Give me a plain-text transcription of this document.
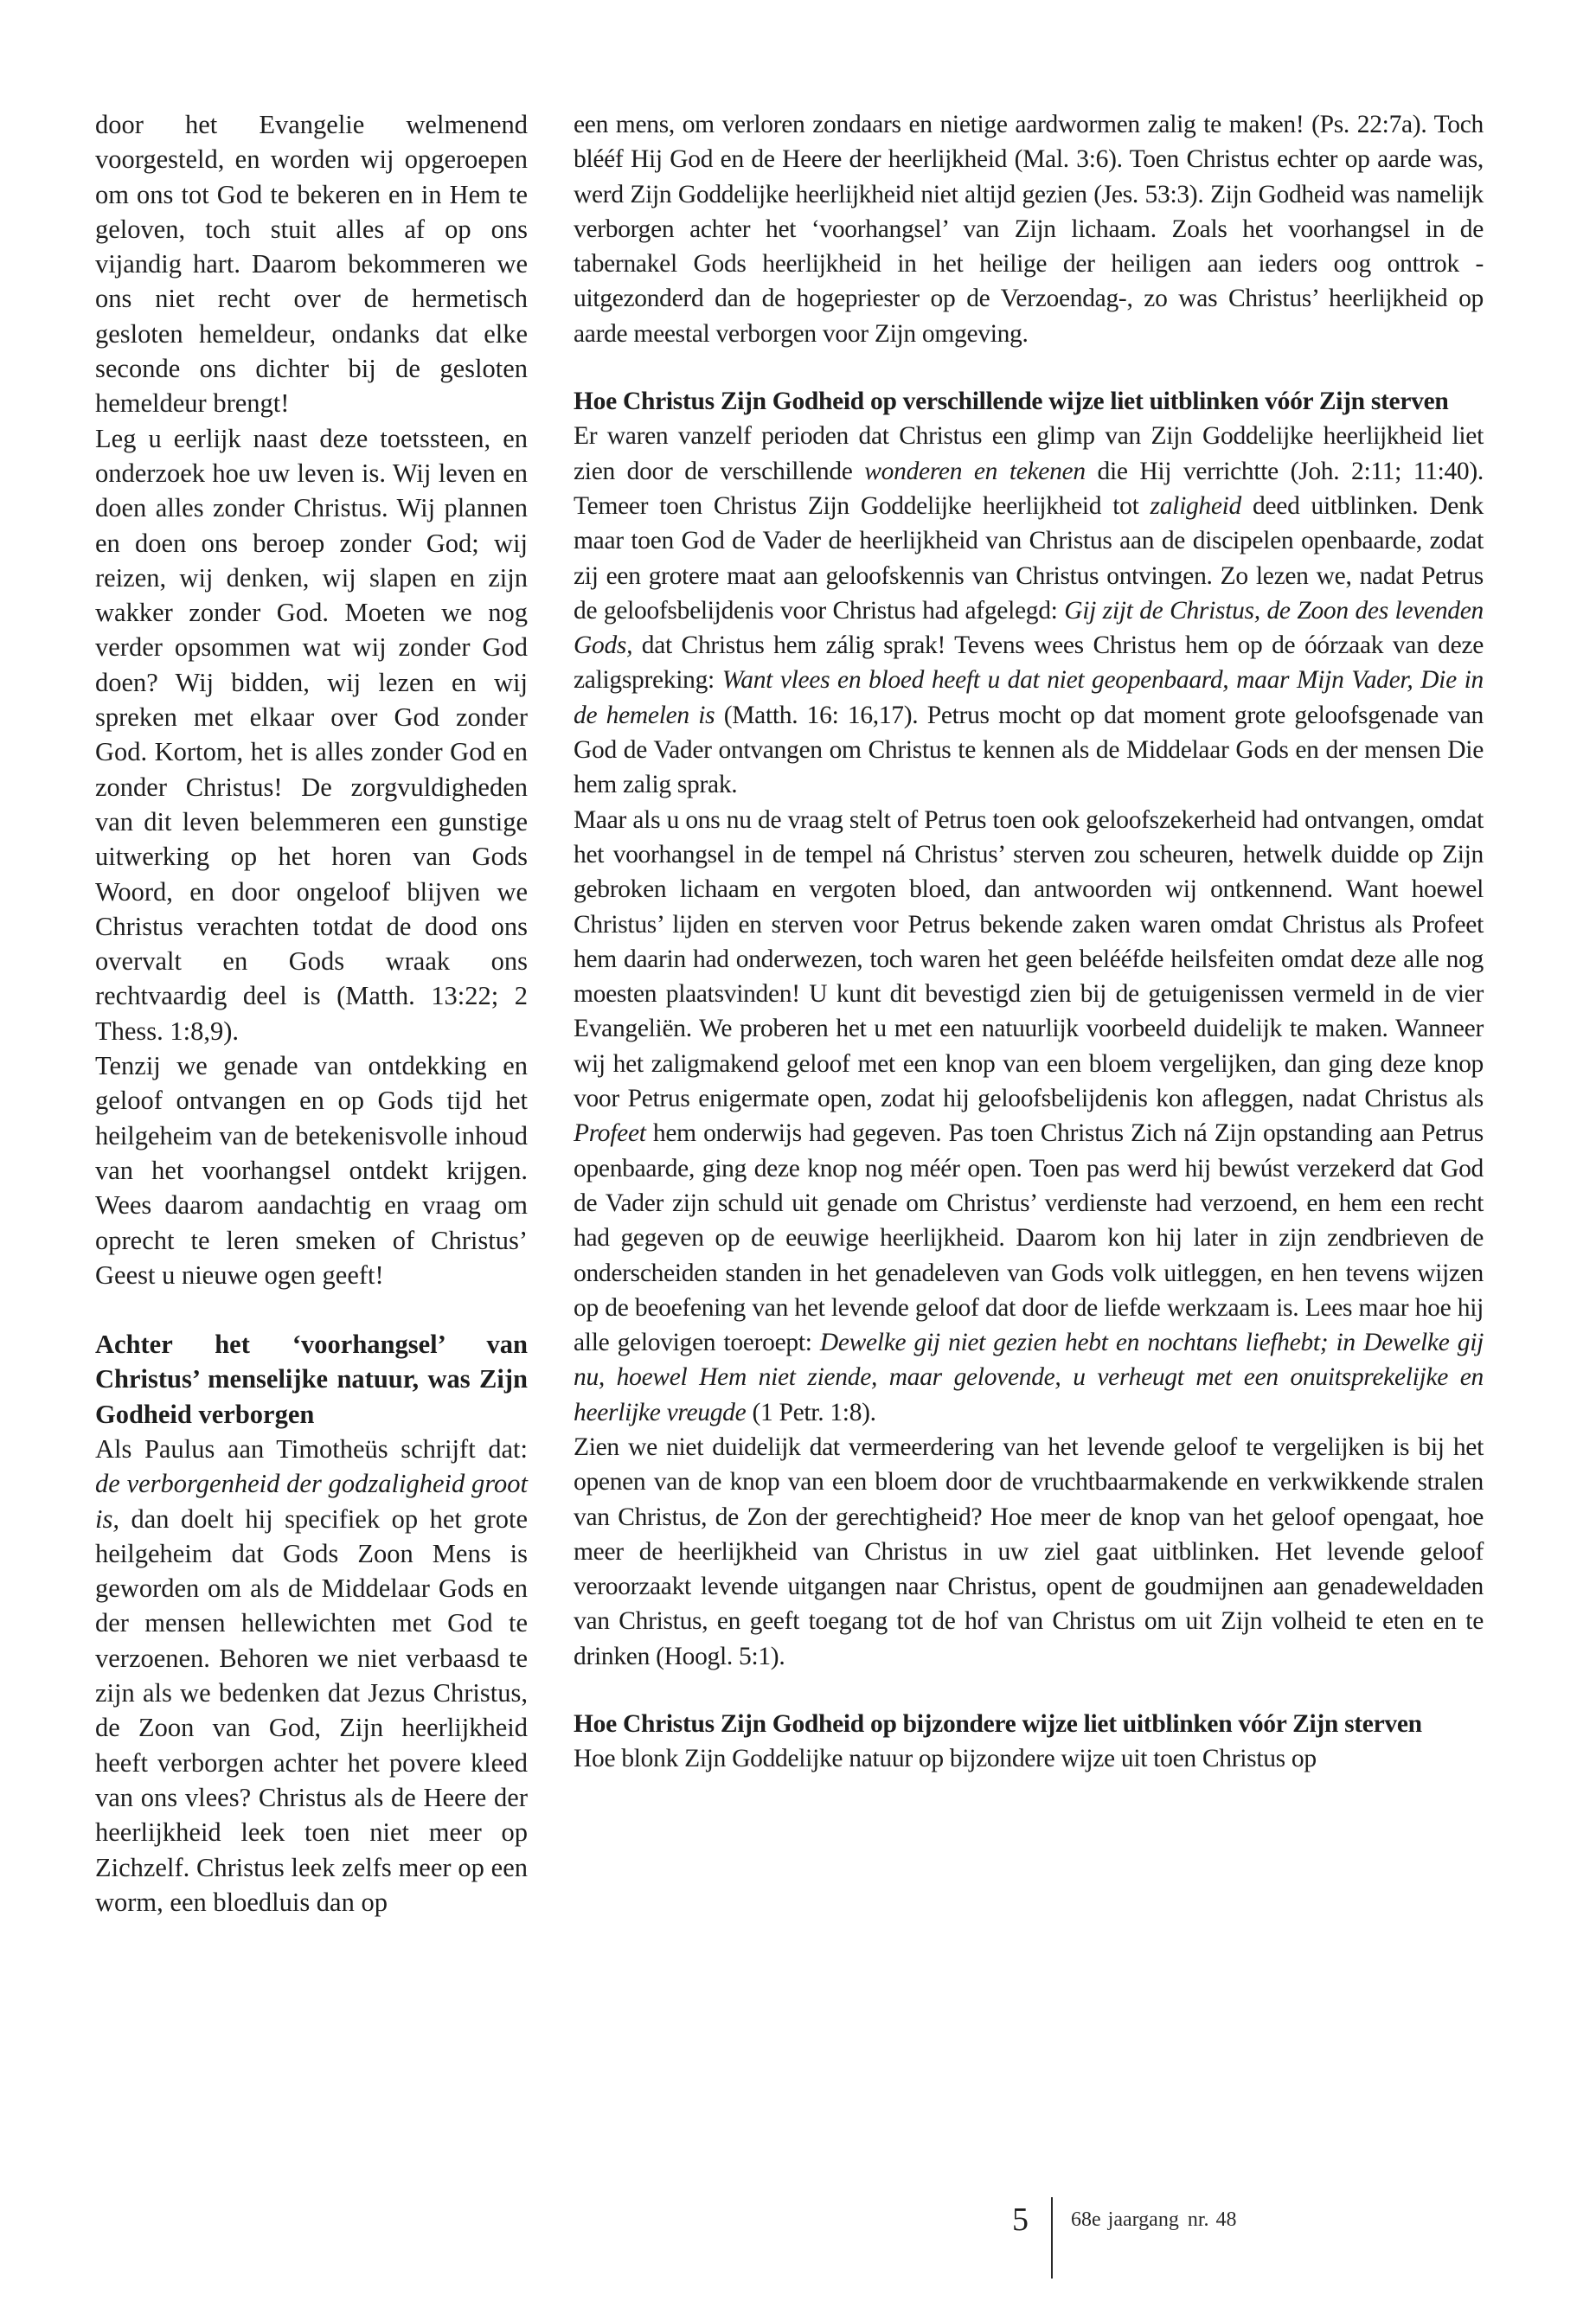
door het Evangelie welmenend voorgesteld, en worden wij opgeroepen om ons tot God te bekeren en in Hem te geloven, toch stuit alles af op ons vijandig hart. Daarom bekommeren we ons niet recht over de hermetisch gesloten hemeldeur, ondanks dat elke seconde ons dichter bij de gesloten hemeldeur brengt!

Leg u eerlijk naast deze toetssteen, en onderzoek hoe uw leven is. Wij leven en doen alles zonder Christus. Wij plannen en doen ons beroep zonder God; wij reizen, wij denken, wij slapen en zijn wakker zonder God. Moeten we nog verder opsommen wat wij zonder God doen? Wij bidden, wij lezen en wij spreken met elkaar over God zonder God. Kortom, het is alles zonder God en zonder Christus! De zorgvuldigheden van dit leven belemmeren een gunstige uitwerking op het horen van Gods Woord, en door ongeloof blijven we Christus verachten totdat de dood ons overvalt en Gods wraak ons rechtvaardig deel is (Matth. 13:22; 2 Thess. 1:8,9).

Tenzij we genade van ontdekking en geloof ontvangen en op Gods tijd het heilgeheim van de betekenisvolle inhoud van het voorhangsel ontdekt krijgen. Wees daarom aandachtig en vraag om oprecht te leren smeken of Christus’ Geest u nieuwe ogen geeft!

Achter het ‘voorhangsel’ van Christus’ menselijke natuur, was Zijn Godheid verborgen

Als Paulus aan Timotheüs schrijft dat: de verborgenheid der godzaligheid groot is, dan doelt hij specifiek op het grote heilgeheim dat Gods Zoon Mens is geworden om als de Middelaar Gods en der mensen hellewichten met God te verzoenen. Behoren we niet verbaasd te zijn als we bedenken dat Jezus Christus, de Zoon van God, Zijn heerlijkheid heeft verborgen achter het povere kleed van ons vlees? Christus als de Heere der heerlijkheid leek toen niet meer op Zichzelf. Christus leek zelfs meer op een worm, een bloedluis dan op

een mens, om verloren zondaars en nietige aardwormen zalig te maken! (Ps. 22:7a). Toch blééf Hij God en de Heere der heerlijkheid (Mal. 3:6). Toen Christus echter op aarde was, werd Zijn Goddelijke heerlijkheid niet altijd gezien (Jes. 53:3). Zijn Godheid was namelijk verborgen achter het ‘voorhangsel’ van Zijn lichaam. Zoals het voorhangsel in de tabernakel Gods heerlijkheid in het heilige der heiligen aan ieders oog onttrok -uitgezonderd dan de hogepriester op de Verzoendag-, zo was Christus’ heerlijkheid op aarde meestal verborgen voor Zijn omgeving.

Hoe Christus Zijn Godheid op verschillende wijze liet uitblinken vóór Zijn sterven

Er waren vanzelf perioden dat Christus een glimp van Zijn Goddelijke heerlijkheid liet zien door de verschillende wonderen en tekenen die Hij verrichtte (Joh. 2:11; 11:40). Temeer toen Christus Zijn Goddelijke heerlijkheid tot zaligheid deed uitblinken. Denk maar toen God de Vader de heerlijkheid van Christus aan de discipelen openbaarde, zodat zij een grotere maat aan geloofskennis van Christus ontvingen. Zo lezen we, nadat Petrus de geloofsbelijdenis voor Christus had afgelegd: Gij zijt de Christus, de Zoon des levenden Gods, dat Christus hem zálig sprak! Tevens wees Christus hem op de óórzaak van deze zaligspreking: Want vlees en bloed heeft u dat niet geopenbaard, maar Mijn Vader, Die in de hemelen is (Matth. 16: 16,17). Petrus mocht op dat moment grote geloofsgenade van God de Vader ontvangen om Christus te kennen als de Middelaar Gods en der mensen Die hem zalig sprak.

Maar als u ons nu de vraag stelt of Petrus toen ook geloofszekerheid had ontvangen, omdat het voorhangsel in de tempel ná Christus’ sterven zou scheuren, hetwelk duidde op Zijn gebroken lichaam en vergoten bloed, dan antwoorden wij ontkennend. Want hoewel Christus’ lijden en sterven voor Petrus bekende zaken waren omdat Christus als Profeet hem daarin had onderwezen, toch waren het geen belééfde heilsfeiten omdat deze alle nog moesten plaatsvinden! U kunt dit bevestigd zien bij de getuigenissen vermeld in de vier Evangeliën. We proberen het u met een natuurlijk voorbeeld duidelijk te maken. Wanneer wij het zaligmakend geloof met een knop van een bloem vergelijken, dan ging deze knop voor Petrus enigermate open, zodat hij geloofsbelijdenis kon afleggen, nadat Christus als Profeet hem onderwijs had gegeven. Pas toen Christus Zich ná Zijn opstanding aan Petrus openbaarde, ging deze knop nog méér open. Toen pas werd hij bewúst verzekerd dat God de Vader zijn schuld uit genade om Christus’ verdienste had verzoend, en hem een recht had gegeven op de eeuwige heerlijkheid. Daarom kon hij later in zijn zendbrieven de onderscheiden standen in het genadeleven van Gods volk uitleggen, en hen tevens wijzen op de beoefening van het levende geloof dat door de liefde werkzaam is. Lees maar hoe hij alle gelovigen toeroept: Dewelke gij niet gezien hebt en nochtans liefhebt; in Dewelke gij nu, hoewel Hem niet ziende, maar gelovende, u verheugt met een onuitsprekelijke en heerlijke vreugde (1 Petr. 1:8).

Zien we niet duidelijk dat vermeerdering van het levende geloof te vergelijken is bij het openen van de knop van een bloem door de vruchtbaarmakende en verkwikkende stralen van Christus, de Zon der gerechtigheid? Hoe meer de knop van het geloof opengaat, hoe meer de heerlijkheid van Christus in uw ziel gaat uitblinken. Het levende geloof veroorzaakt levende uitgangen naar Christus, opent de goudmijnen aan genadeweldaden van Christus, en geeft toegang tot de hof van Christus om uit Zijn volheid te eten en te drinken (Hoogl. 5:1).

Hoe Christus Zijn Godheid op bijzondere wijze liet uitblinken vóór Zijn sterven

Hoe blonk Zijn Goddelijke natuur op bijzondere wijze uit toen Christus op

5 68e jaargang nr. 48
